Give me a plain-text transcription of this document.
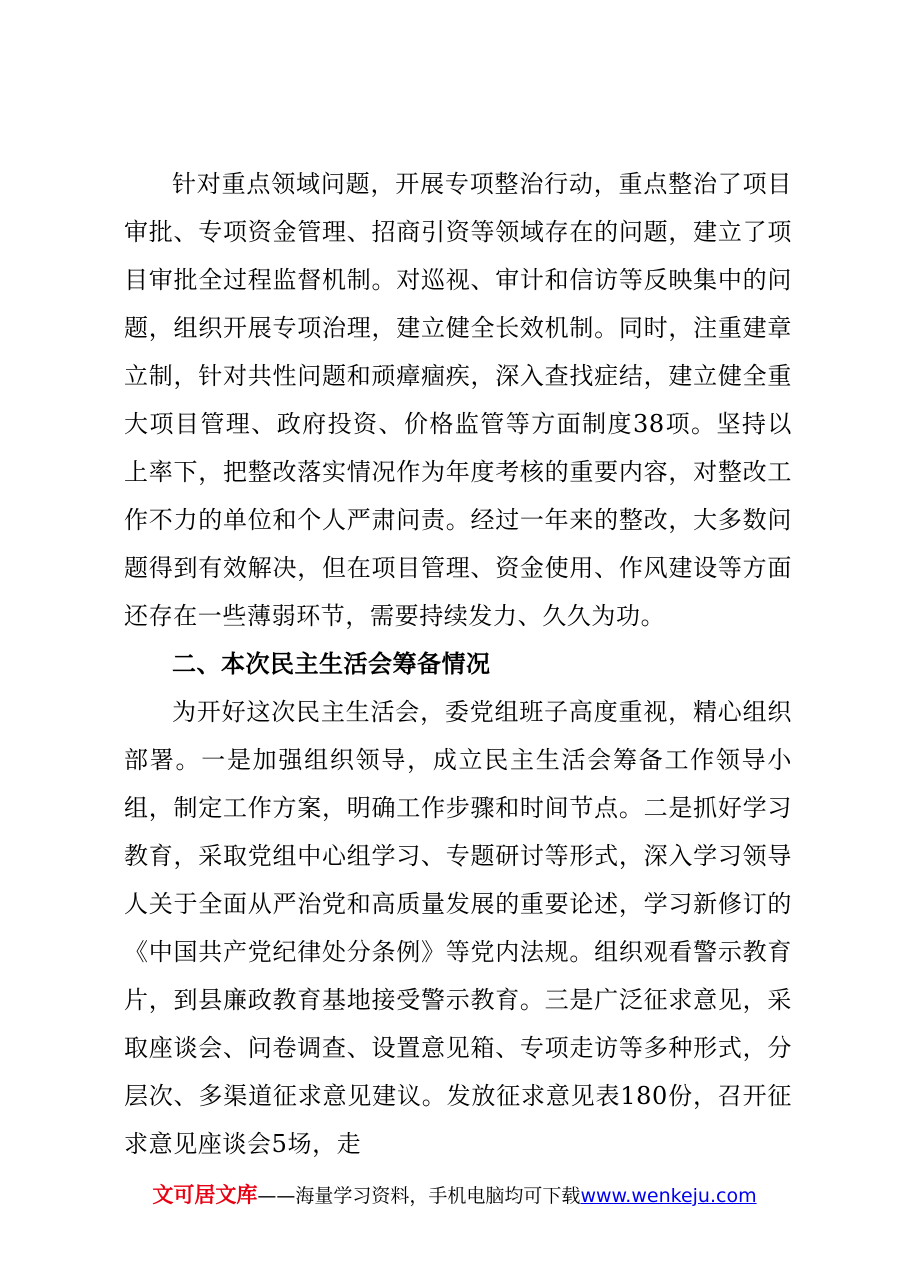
针对重点领域问题，开展专项整治行动，重点整治了项目审批、专项资金管理、招商引资等领域存在的问题，建立了项目审批全过程监督机制。对巡视、审计和信访等反映集中的问题，组织开展专项治理，建立健全长效机制。同时，注重建章立制，针对共性问题和顽瘴痼疾，深入查找症结，建立健全重大项目管理、政府投资、价格监管等方面制度38项。坚持以上率下，把整改落实情况作为年度考核的重要内容，对整改工作不力的单位和个人严肃问责。经过一年来的整改，大多数问题得到有效解决，但在项目管理、资金使用、作风建设等方面还存在一些薄弱环节，需要持续发力、久久为功。

二、本次民主生活会筹备情况

为开好这次民主生活会，委党组班子高度重视，精心组织部署。一是加强组织领导，成立民主生活会筹备工作领导小组，制定工作方案，明确工作步骤和时间节点。二是抓好学习教育，采取党组中心组学习、专题研讨等形式，深入学习领导人关于全面从严治党和高质量发展的重要论述，学习新修订的《中国共产党纪律处分条例》等党内法规。组织观看警示教育片，到县廉政教育基地接受警示教育。三是广泛征求意见，采取座谈会、问卷调查、设置意见箱、专项走访等多种形式，分层次、多渠道征求意见建议。发放征求意见表180份，召开征求意见座谈会5场，走

文可居文库——海量学习资料，手机电脑均可下载www.wenkeju.com
